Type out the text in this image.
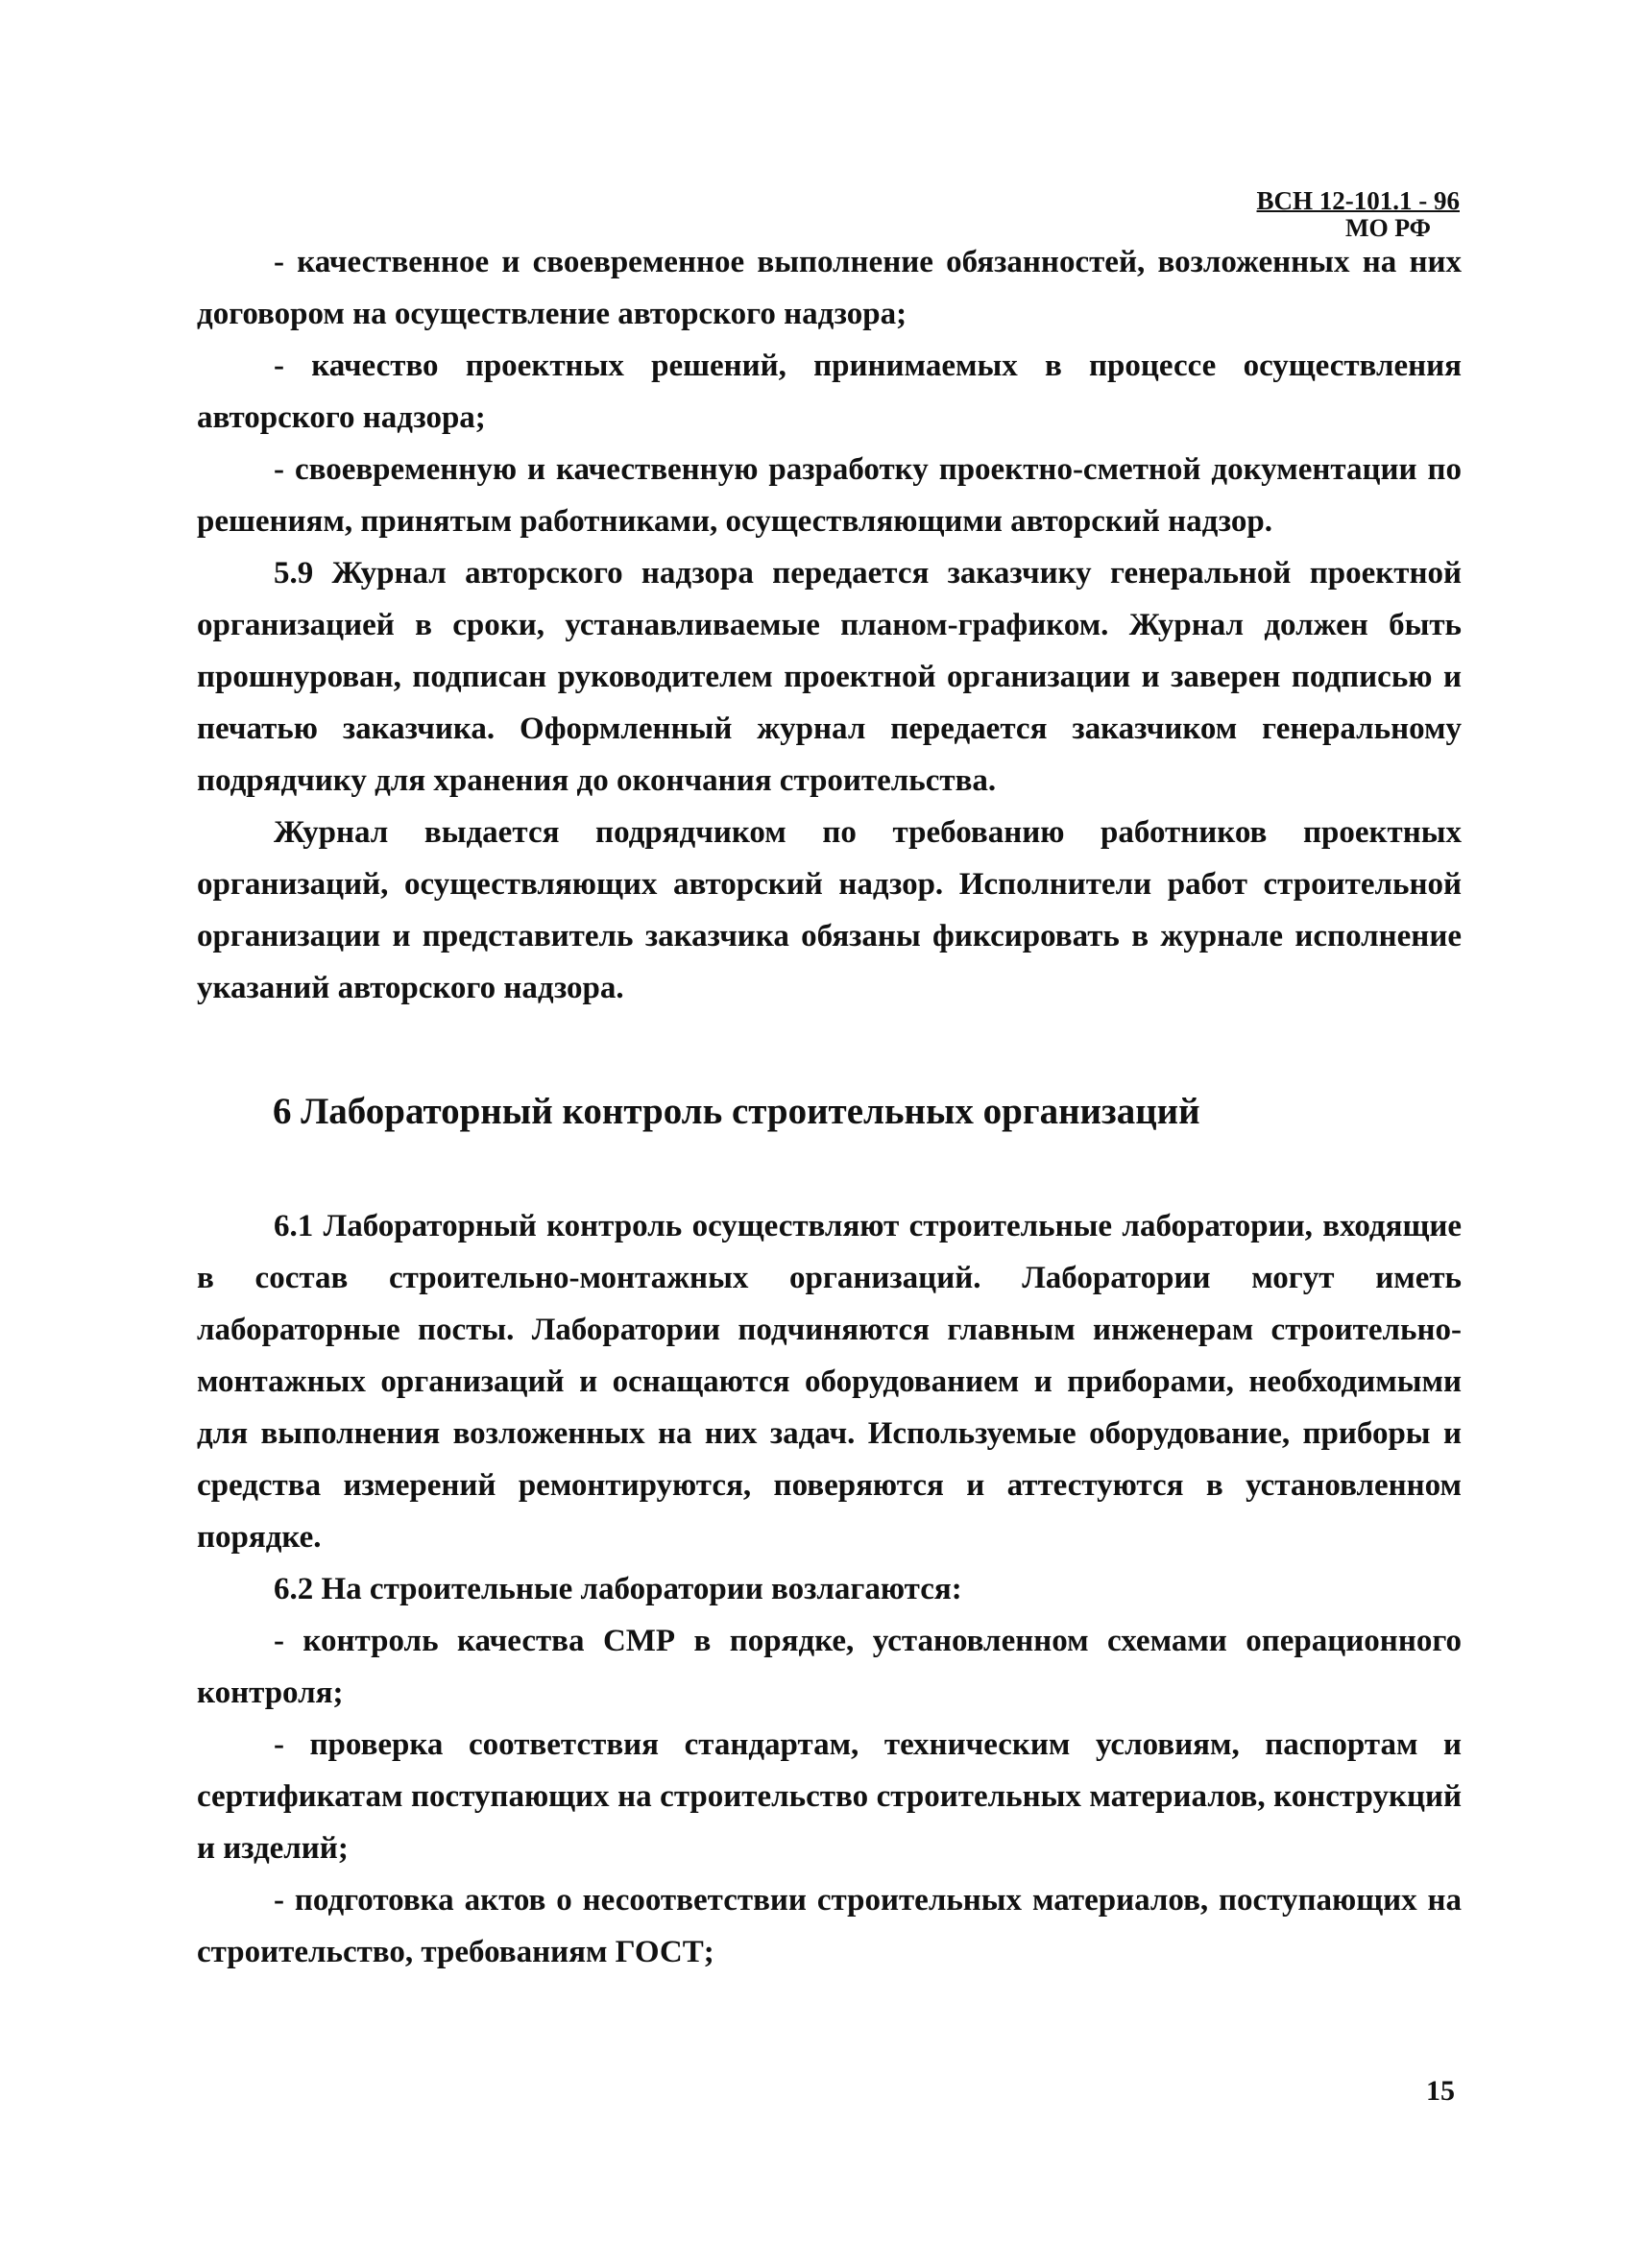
ВСН 12-101.1 - 96
МО РФ

- качественное и своевременное выполнение обязанностей, возложенных на них договором на осуществление авторского надзора;

- качество проектных решений, принимаемых в процессе осуществления авторского надзора;

- своевременную и качественную разработку проектно-сметной документации по решениям, принятым работниками, осуществляющими авторский надзор.

5.9 Журнал авторского надзора передается заказчику генеральной проектной организацией в сроки, устанавливаемые планом-графиком. Журнал должен быть прошнурован, подписан руководителем проектной организации и заверен подписью и печатью заказчика. Оформленный журнал передается заказчиком генеральному подрядчику для хранения до окончания строительства.

Журнал выдается подрядчиком по требованию работников проектных организаций, осуществляющих авторский надзор. Исполнители работ строительной организации и представитель заказчика обязаны фиксировать в журнале исполнение указаний авторского надзора.

6 Лабораторный контроль строительных организаций

6.1 Лабораторный контроль осуществляют строительные лаборатории, входящие в состав строительно-монтажных организаций. Лаборатории могут иметь лабораторные посты. Лаборатории подчиняются главным инженерам строительно-монтажных организаций и оснащаются оборудованием и приборами, необходимыми для выполнения возложенных на них задач. Используемые оборудование, приборы и средства измерений ремонтируются, поверяются и аттестуются в установленном порядке.

6.2 На строительные лаборатории возлагаются:

- контроль качества СМР в порядке, установленном схемами операционного контроля;

- проверка соответствия стандартам, техническим условиям, паспортам и сертификатам поступающих на строительство строительных материалов, конструкций и изделий;

- подготовка актов о несоответствии строительных материалов, поступающих на строительство, требованиям ГОСТ;

15
